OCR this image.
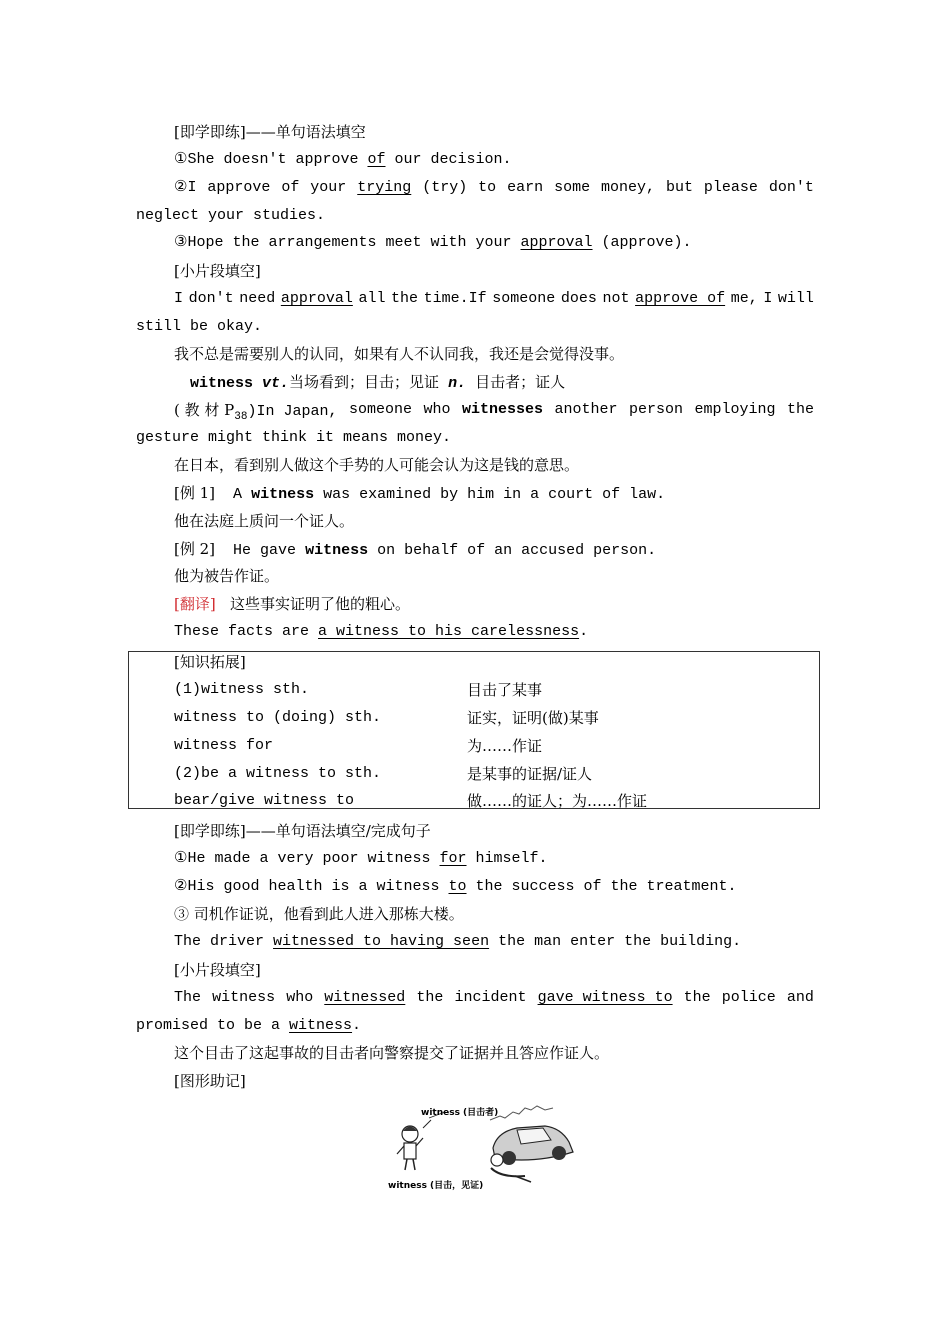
[即学即练]——单句语法填空
①She doesn't approve of our decision.
②I approve of your trying (try) to earn some money, but please don't
neglect your studies.
③Hope the arrangements meet with your approval (approve).
[小片段填空]
I don't need approval all the time.If someone does not approve of me, I will
still be okay.
我不总是需要别人的认同，如果有人不认同我，我还是会觉得没事。
witness vt.当场看到；目击；见证 n. 目击者；证人
( 教 材 $P_{38})In$ Japan, someone who witnesses another person employing the
gesture might think it means money.
在日本，看到别人做这个手势的人可能会认为这是钱的意思。
[例 1] A witness was examined by him in a court of law.
他在法庭上质问一个证人。
[例 2] He gave witness on behalf of an accused person.
他为被告作证。
[翻译] 这些事实证明了他的粗心。
These facts are a witness to his carelessness.
[知识拓展]
(1)witness sth.	目击了某事
witness to (doing) sth.	证实，证明(做)某事
witness for	为……作证
(2)be a witness to sth.	是某事的证据/证人
bear/give witness to	做……的证人；为……作证
[即学即练]——单句语法填空/完成句子
①He made a very poor witness for himself.
②His good health is a witness to the success of the treatment.
③ 司机作证说，他看到此人进入那栋大楼。
The driver witnessed to having seen the man enter the building.
[小片段填空]
The witness who witnessed the incident gave witness to the police and
promised to be a witness.
这个目击了这起事故的目击者向警察提交了证据并且答应作证人。
[图形助记]
witness (目击者)
witness (目击，见证)
